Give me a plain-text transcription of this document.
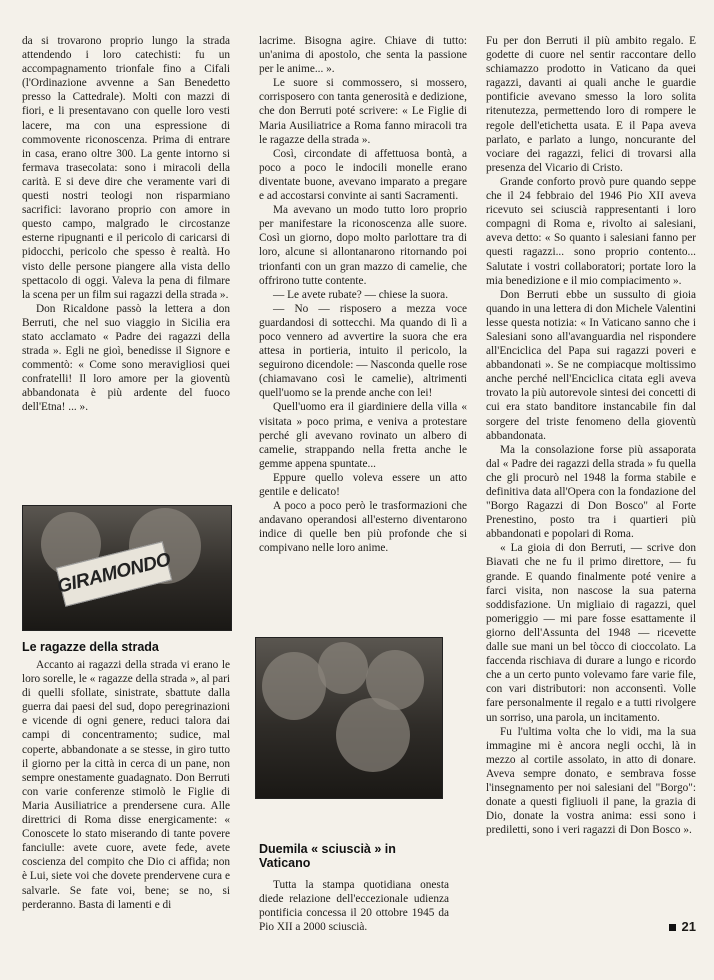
da si trovarono proprio lungo la strada attendendo i loro catechisti: fu un accompagnamento trionfale fino a Cifali (l'Ordinazione avvenne a San Benedetto presso la Cattedrale). Molti con mazzi di fiori, e li presentavano con quelle loro vesti lacere, ma con una espressione di commovente riconoscenza. Prima di entrare in casa, erano oltre 300. La gente intorno si fermava trasecolata: sono i miracoli della carità. E si deve dire che veramente vari di questi nostri teologi non risparmiano sacrifici: lavorano proprio con amore in questo campo, malgrado le circostanze esterne ripugnanti e il pericolo di caricarsi di pidocchi, pericolo che spesso è realtà. Ho visto delle persone piangere alla vista dello spettacolo di oggi. Valeva la pena di filmare la scena per un film sui ragazzi della strada ».

Don Ricaldone passò la lettera a don Berruti, che nel suo viaggio in Sicilia era stato acclamato « Padre dei ragazzi della strada ». Egli ne gioì, benedisse il Signore e commentò: « Come sono meravigliosi quei confratelli! Il loro amore per la gioventù abbandonata è più ardente del fuoco dell'Etna! ... ».

GIRAMONDO
Le ragazze della strada

Accanto ai ragazzi della strada vi erano le loro sorelle, le « ragazze della strada », al pari di quelli sfollate, sinistrate, sbattute dalla guerra dai paesi del sud, dopo peregrinazioni e vicende di ogni genere, reduci talora dai campi di concentramento; sudice, mal coperte, abbandonate a se stesse, in giro tutto il giorno per la città in cerca di un pane, non sempre onestamente guadagnato. Don Berruti con varie conferenze stimolò le Figlie di Maria Ausiliatrice a prendersene cura. Alle direttrici di Roma disse energicamente: « Conoscete lo stato miserando di tante povere fanciulle: avete cuore, avete fede, avete coscienza del compito che Dio ci affida; non è Lui, siete voi che dovete prendervene cura e salvarle. Se fate voi, bene; se no, si perderanno. Basta di lamenti e di

lacrime. Bisogna agire. Chiave di tutto: un'anima di apostolo, che senta la passione per le anime... ».

Le suore si commossero, si mossero, corrisposero con tanta generosità e dedizione, che don Berruti poté scrivere: « Le Figlie di Maria Ausiliatrice a Roma fanno miracoli tra le ragazze della strada ».

Così, circondate di affettuosa bontà, a poco a poco le indocili monelle erano diventate buone, avevano imparato a pregare e ad accostarsi convinte ai santi Sacramenti.

Ma avevano un modo tutto loro proprio per manifestare la riconoscenza alle suore. Così un giorno, dopo molto parlottare tra di loro, alcune si allontanarono ritornando poi trionfanti con un gran mazzo di camelie, che offrirono tutte contente.

— Le avete rubate? — chiese la suora.

— No — risposero a mezza voce guardandosi di sottecchi. Ma quando di lì a poco vennero ad avvertire la suora che era attesa in portieria, intuito il pericolo, la seguirono dicendole: — Nasconda quelle rose (chiamavano così le camelie), altrimenti quell'uomo se la prende anche con lei!

Quell'uomo era il giardiniere della villa « visitata » poco prima, e veniva a protestare perché gli avevano rovinato un albero di camelie, strappando nella fretta anche le gemme appena spuntate...

Eppure quello voleva essere un atto gentile e delicato!

A poco a poco però le trasformazioni che andavano operandosi all'esterno diventarono indice di quelle ben più profonde che si compivano nelle loro anime.

Duemila « sciuscià » in Vaticano

Tutta la stampa quotidiana onesta diede relazione dell'eccezionale udienza pontificia concessa il 20 ottobre 1945 da Pio XII a 2000 sciuscià.

Fu per don Berruti il più ambito regalo. E godette di cuore nel sentir raccontare dello schiamazzo prodotto in Vaticano da quei ragazzi, davanti ai quali anche le guardie pontificie avevano smesso la loro solita ritenutezza, permettendo loro di rompere le regole dell'etichetta usata. E il Papa aveva parlato, e parlato a lungo, noncurante del vociare dei ragazzi, felici di trovarsi alla presenza del Vicario di Cristo.

Grande conforto provò pure quando seppe che il 24 febbraio del 1946 Pio XII aveva ricevuto sei sciuscià rappresentanti i loro compagni di Roma e, rivolto ai salesiani, aveva detto: « So quanto i salesiani fanno per questi ragazzi... sono proprio contento... Salutate i vostri collaboratori; portate loro la mia benedizione e il mio compiacimento ».

Don Berruti ebbe un sussulto di gioia quando in una lettera di don Michele Valentini lesse questa notizia: « In Vaticano sanno che i Salesiani sono all'avanguardia nel rispondere all'Enciclica del Papa sui ragazzi poveri e abbandonati ». Se ne compiacque moltissimo anche perché nell'Enciclica citata egli aveva trovato la più autorevole sintesi dei concetti di cui era stato banditore instancabile fin dal sorgere del triste fenomeno della gioventù abbandonata.

Ma la consolazione forse più assaporata dal « Padre dei ragazzi della strada » fu quella che gli procurò nel 1948 la forma stabile e definitiva data all'Opera con la fondazione del "Borgo Ragazzi di Don Bosco" al Forte Prenestino, posto tra i quartieri più abbandonati e popolari di Roma.

« La gioia di don Berruti, — scrive don Biavati che ne fu il primo direttore, — fu grande. E quando finalmente poté venire a farci visita, non nascose la sua paterna soddisfazione. Un migliaio di ragazzi, quel pomeriggio — mi pare fosse esattamente il giorno dell'Assunta del 1948 — ricevette dalle sue mani un bel tòcco di cioccolato. La faccenda rischiava di durare a lungo e ricordo che a un certo punto volevamo fare varie file, con vari distributori: non acconsentì. Volle fare personalmente il regalo e a tutti rivolgere un sorriso, una parola, un incitamento.

Fu l'ultima volta che lo vidi, ma la sua immagine mi è ancora negli occhi, là in mezzo al cortile assolato, in atto di donare. Aveva sempre donato, e sembrava fosse l'insegnamento per noi salesiani del "Borgo": donate a questi figliuoli il pane, la grazia di Dio, donate la vostra anima: essi sono i prediletti, sono i veri ragazzi di Don Bosco ».

21
